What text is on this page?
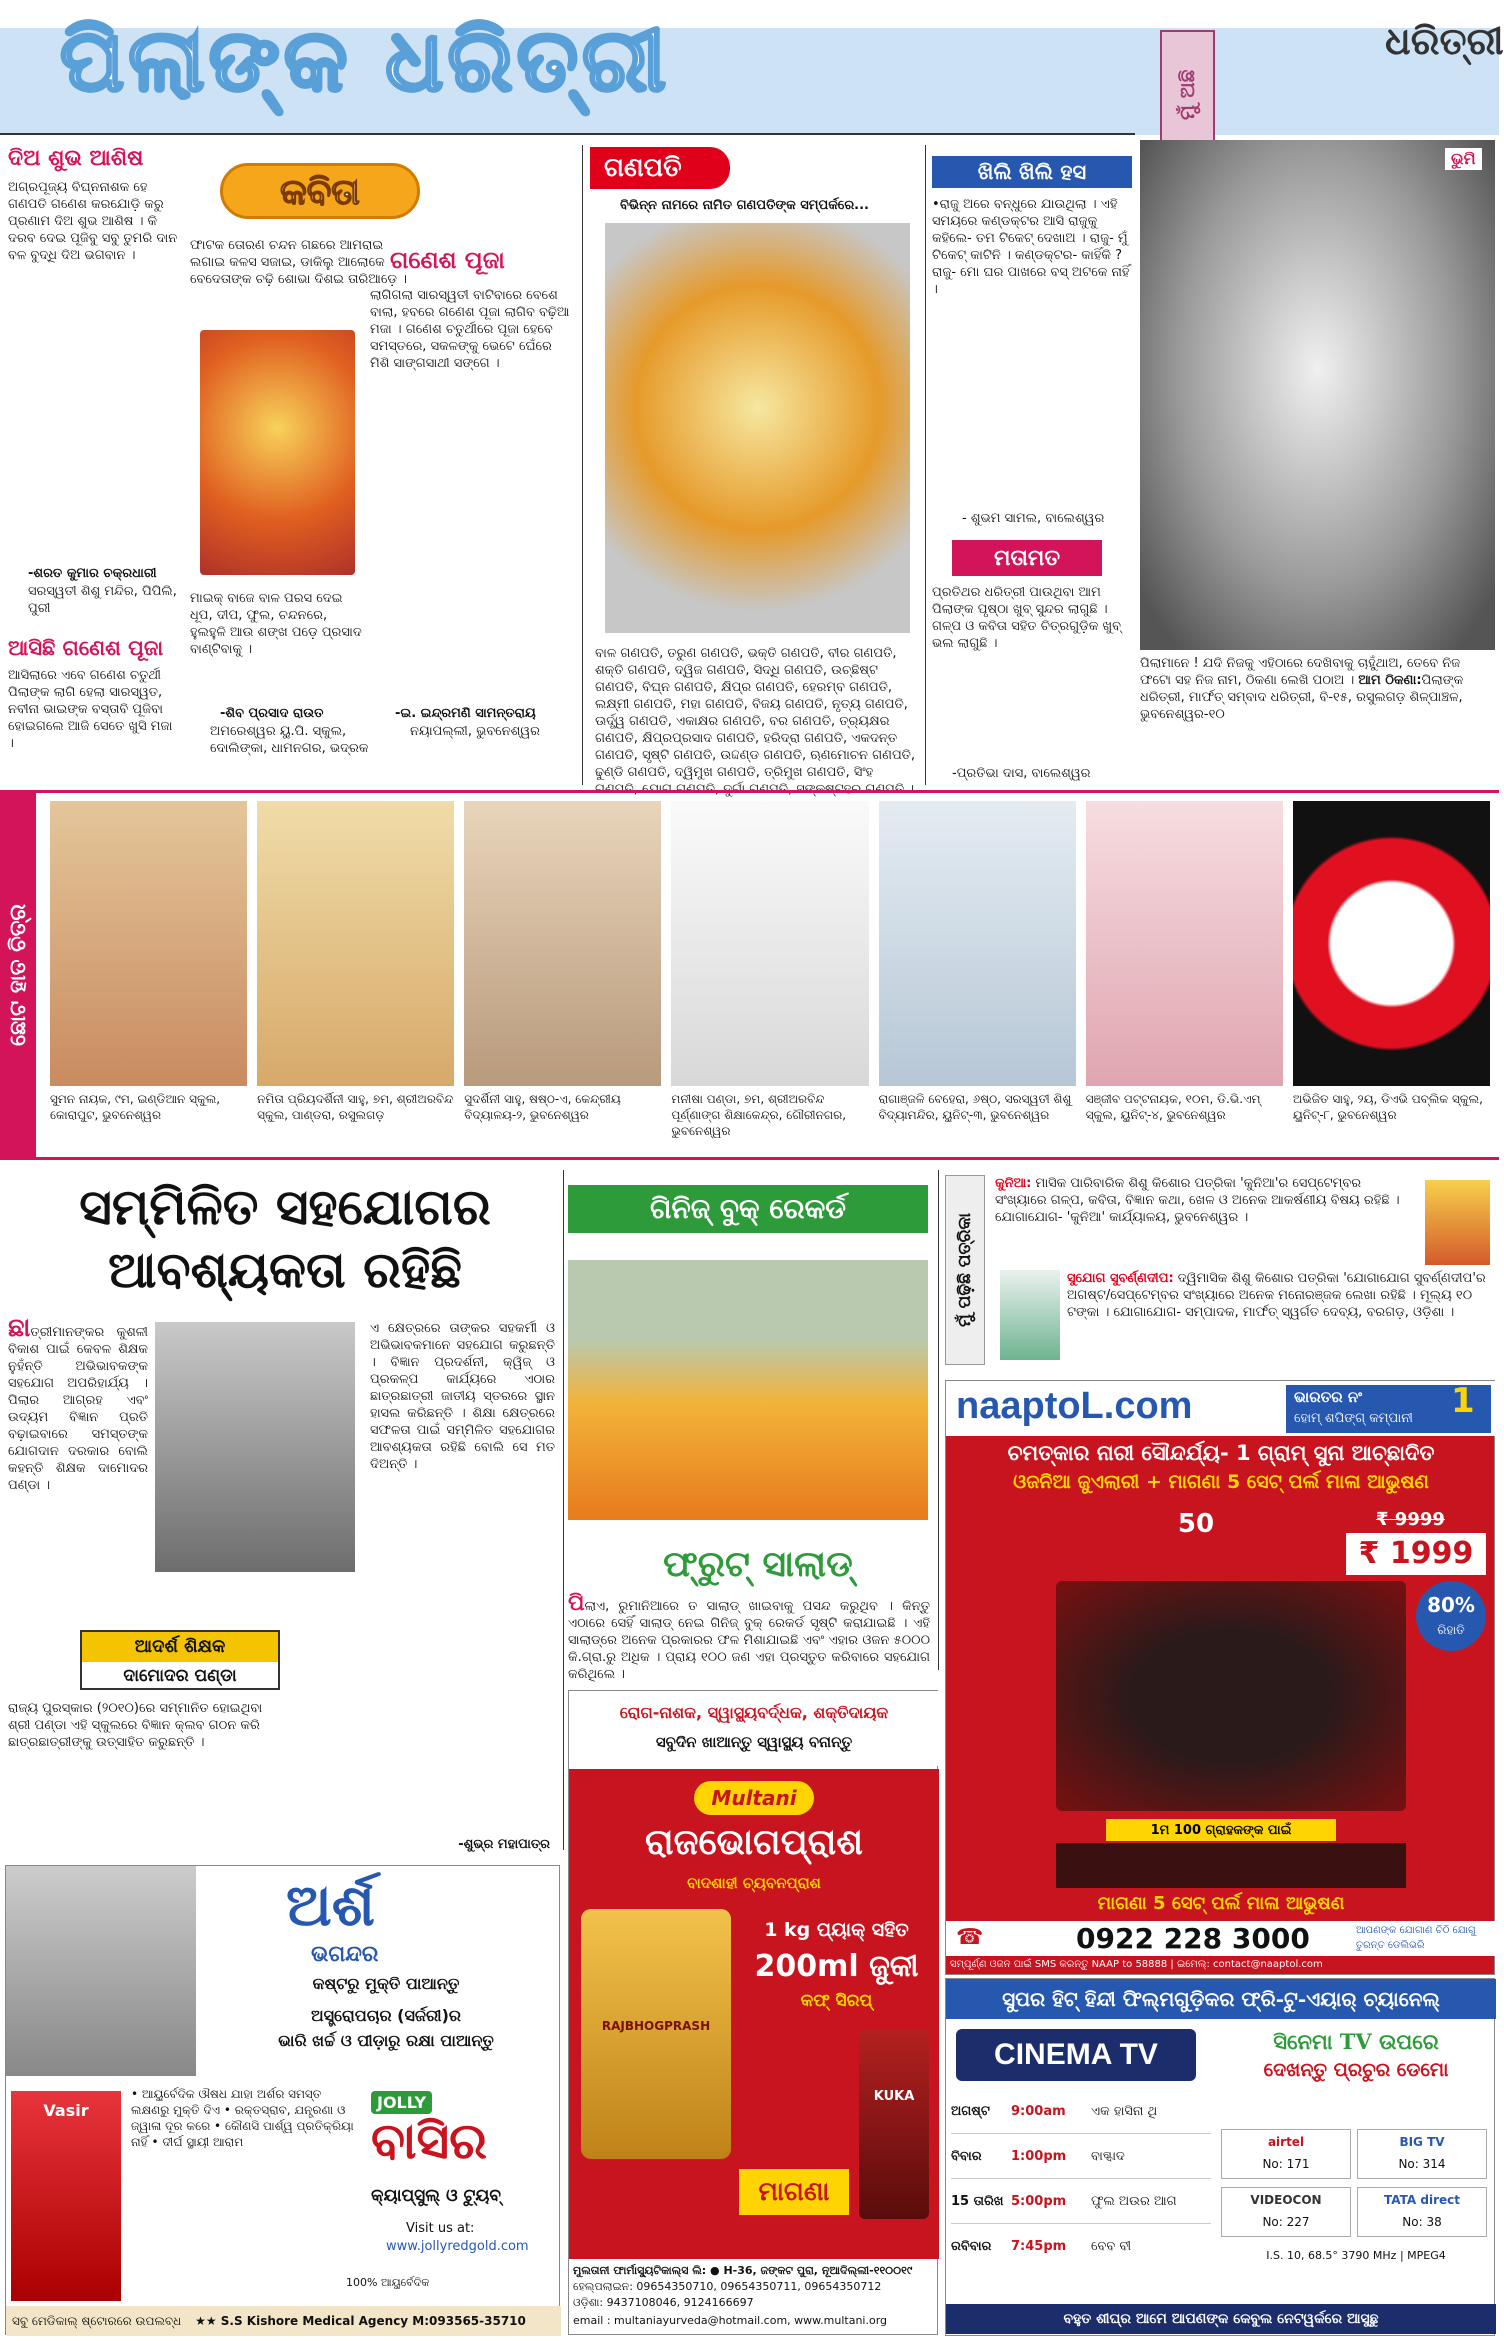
ପିଲାଙ୍କ ଧରିତ୍ରୀ	ଧରିତ୍ରୀ
ଦିଅ ଶୁଭ ଆଶିଷ
ଅଗ୍ରପୂଜ୍ୟ ବିଘ୍ନନାଶକ ହେ ଗଣପତି ଗଣେଶ କରଯୋଡ଼ି କରୁ ପ୍ରଣାମ ଦିଅ ଶୁଭ ଆଶିଷ । କି ଦରବ ଦେଇ ପୂଜିବୁ ସବୁ ତୁମରି ଦାନ ବଳ ବୁଦ୍ଧି ଦିଅ ଭଗବାନ ।
-ଶରତ କୁମାର ଚକ୍ରଧାରୀ
ସରସ୍ୱତୀ ଶିଶୁ ମନ୍ଦିର, ପିପିଲି, ପୁରୀ
ଆସିଛି ଗଣେଶ ପୂଜା
ଆସିଲାରେ ଏବେ ଗଣେଶ ଚତୁର୍ଥୀ ପିଲାଙ୍କ ଲାଗି ହେଲା ସାରସ୍ୱତ, ନବୀନା ଭାଇଙ୍କ ବସ୍ତାବି ପୂଜିବା ହୋଇଗଲେ ଆଜି ସେତେ ଖୁସି ମଜା ।
କବିତା
ଫାଟକ ତୋରଣ ଚନ୍ଦନ ଗଛରେ ଆମରାଇ ଲଗାଇ କଳସ ସଜାଇ, ଡାକିଲୁ ଆଲୋକେ ବେଦେତାଙ୍କ ଚଢ଼ି ଶୋଭା ଦିଶଇ ତାରିଆଡ଼େ ।
ଗଣେଶ ପୂଜା
ଲାଗିଗଲା ସାରସ୍ୱତୀ ବାଟିବାରେ ବେଶେ ବାଲା, ହବରେ ଗଣେଶ ପୂଜା ଲାଗିବ ବଢ଼ିଆ ମଜା । ଗଣେଶ ଚତୁର୍ଥୀରେ ପୂଜା ହେବେ ସମସ୍ତରେ, ସକଳଙ୍କୁ ଭେଟେ ଘେଁରେ ମିଶି ସାଙ୍ଗସାଥୀ ସଙ୍ଗେ ।
ମାଇକ୍ ବାଜେ ବାଳ ପରସ ଦେଇ ଧୂପ, ଦୀପ, ଫୁଲ, ଚନ୍ଦନରେ, ହୁଲହୁଳି ଆଉ ଶଙ୍ଖ ପଡ଼େ ପ୍ରସାଦ ବାଣ୍ଟିବାକୁ ।
-ଶିବ ପ୍ରସାଦ ରାଉତ
ଅମରେଶ୍ୱର ୟୁ.ପି. ସ୍କୁଲ, ଦୋଲିଙ୍କା, ଧାମନଗର, ଭଦ୍ରକ
-ଇ. ଇନ୍ଦ୍ରମଣି ସାମନ୍ତରାୟ
ନୟାପଲ୍ଲୀ, ଭୁବନେଶ୍ୱର
ଗଣପତି
ବିଭିନ୍ନ ନାମରେ ନାମିତ ଗଣପତିଙ୍କ ସମ୍ପର୍କରେ...
ବାଳ ଗଣପତି, ତରୁଣ ଗଣପତି, ଭକ୍ତି ଗଣପତି, ବୀର ଗଣପତି, ଶକ୍ତି ଗଣପତି, ଦ୍ୱିଜ ଗଣପତି, ସିଦ୍ଧି ଗଣପତି, ଉଚ୍ଛିଷ୍ଟ ଗଣପତି, ବିଘ୍ନ ଗଣପତି, କ୍ଷିପ୍ର ଗଣପତି, ହେରମ୍ବ ଗଣପତି, ଲକ୍ଷ୍ମୀ ଗଣପତି, ମହା ଗଣପତି, ବିଜୟ ଗଣପତି, ନୃତ୍ୟ ଗଣପତି, ଊର୍ଦ୍ଧ୍ୱ ଗଣପତି, ଏକାକ୍ଷର ଗଣପତି, ବର ଗଣପତି, ତ୍ର୍ୟକ୍ଷର ଗଣପତି, କ୍ଷିପ୍ରପ୍ରସାଦ ଗଣପତି, ହରିଦ୍ରା ଗଣପତି, ଏକଦନ୍ତ ଗଣପତି, ସୃଷ୍ଟି ଗଣପତି, ଉଦ୍ଦଣ୍ଡ ଗଣପତି, ଋଣମୋଚନ ଗଣପତି, ଢୁଣ୍ଡି ଗଣପତି, ଦ୍ୱିମୁଖ ଗଣପତି, ତ୍ରିମୁଖ ଗଣପତି, ସିଂହ ଗଣପତି, ଯୋଗ ଗଣପତି, ଦୁର୍ଗା ଗଣପତି, ସଙ୍କଷ୍ଟହର ଗଣପତି ।
ଖିଲି ଖିଲି ହସ
•ରାଜୁ ଅରେ ବନ୍ଧୁରେ ଯାଉଥିଲା । ଏହି ସମୟରେ କଣ୍ଡକ୍ଟର ଆସି ରାଜୁକୁ କହିଲେ- ତମ ଟିକେଟ୍ ଦେଖାଅ । ରାଜୁ- ମୁଁ ଟିକେଟ୍ କାଟିନି । କଣ୍ଡକ୍ଟର- କାହିଁକି ? ରାଜୁ- ମୋ ଘର ପାଖରେ ବସ୍ ଅଟକେ ନାହିଁ ।
- ଶୁଭମ ସାମଲ, ବାଲେଶ୍ୱର
ମତାମତ
ପ୍ରତିଥର ଧରିତ୍ରୀ ପାଉଥିବା ଆମ ପିଲାଙ୍କ ପୃଷ୍ଠା ଖୁବ୍ ସୁନ୍ଦର ଲାଗୁଛି । ଗଳ୍ପ ଓ କବିତା ସହିତ ଚିତ୍ରଗୁଡ଼ିକ ଖୁବ୍ ଭଲ ଲାଗୁଛି ।
-ପ୍ରତିଭା ଦାସ, ବାଲେଶ୍ୱର
ମୁଁ ଅଛି
ଭୁମି
ପିଲାମାନେ ! ଯଦି ନିଜକୁ ଏହିଠାରେ ଦେଖିବାକୁ ଚାହୁଁଥାଅ, ତେବେ ନିଜ ଫଟୋ ସହ ନିଜ ନାମ, ଠିକଣା ଲେଖି ପଠାଅ । ଆମ ଠିକଣା:ପିଲାଙ୍କ ଧରିତ୍ରୀ, ମାର୍ଫତ୍ ସମ୍ବାଦ ଧରିତ୍ରୀ, ବି-୧୫, ରସୁଲଗଡ଼ ଶିଳ୍ପାଞ୍ଚଳ, ଭୁବନେଶ୍ୱର-୧୦
ଛୋଟ ହାତ ଚିତ୍ର
ସୁମନ ନାୟକ, ୯ମ, ଇଣ୍ଡିଆନ ସ୍କୁଲ, କୋରାପୁଟ, ଭୁବନେଶ୍ୱର
ନମିତା ପ୍ରିୟଦର୍ଶିନୀ ସାହୁ, ୭ମ, ଶ୍ରୀଅରବିନ୍ଦ ସ୍କୁଲ, ପାଣ୍ଡରା, ରସୁଲଗଡ଼
ସୁଦର୍ଶିନୀ ସାହୁ, ଷଷ୍ଠ-ଏ, କେନ୍ଦ୍ରୀୟ ବିଦ୍ୟାଳୟ-୨, ଭୁବନେଶ୍ୱର
ମନୀଷା ପଣ୍ଡା, ୭ମ, ଶ୍ରୀଅରବିନ୍ଦ ପୂର୍ଣ୍ଣାଙ୍ଗ ଶିକ୍ଷାକେନ୍ଦ୍ର, ଗୌରୀନଗର, ଭୁବନେଶ୍ୱର
ରାଗାଞ୍ଜଳି ବେହେରା, ୬ଷ୍ଠ, ସରସ୍ୱତୀ ଶିଶୁ ବିଦ୍ୟାମନ୍ଦିର, ୟୁନିଟ୍-୩, ଭୁବନେଶ୍ୱର
ସଞ୍ଜୀବ ପଟ୍ଟନାୟକ, ୧୦ମ, ଡି.ଭି.ଏମ୍ ସ୍କୁଲ, ୟୁନିଟ୍-୪, ଭୁବନେଶ୍ୱର
ଅଭିଜିତ ସାହୁ, ୨ୟ, ଡିଏଭି ପବ୍ଲିକ ସ୍କୁଲ, ୟୁନିଟ୍-୮, ଭୁବନେଶ୍ୱର
ସମ୍ମିଳିତ ସହଯୋଗର
ଆବଶ୍ୟକତା ରହିଛି
ଛାତ୍ରୀମାନଙ୍କର କୁଶଳୀ ବିକାଶ ପାଇଁ କେବଳ ଶିକ୍ଷକ ନୁହଁନ୍ତି ଅଭିଭାବକଙ୍କ ସହଯୋଗ ଅପରିହାର୍ଯ୍ୟ । ପିଲାର ଆଗ୍ରହ ଏବଂ ଉଦ୍ୟମ ବିଜ୍ଞାନ ପ୍ରତି ବଢ଼ାଇବାରେ ସମସ୍ତଙ୍କ ଯୋଗଦାନ ଦରକାର ବୋଲି କହନ୍ତି ଶିକ୍ଷକ ଦାମୋଦର ପଣ୍ଡା ।
ଆଦର୍ଶ ଶିକ୍ଷକ
ଦାମୋଦର ପଣ୍ଡା
ରାଜ୍ୟ ପୁରସ୍କାର (୨୦୧୦)ରେ ସମ୍ମାନିତ ହୋଇଥିବା ଶ୍ରୀ ପଣ୍ଡା ଏହି ସ୍କୁଲରେ ବିଜ୍ଞାନ କ୍ଲବ ଗଠନ କରି ଛାତ୍ରଛାତ୍ରୀଙ୍କୁ ଉତ୍ସାହିତ କରୁଛନ୍ତି ।
ଏ କ୍ଷେତ୍ରରେ ତାଙ୍କର ସହକର୍ମୀ ଓ ଅଭିଭାବକମାନେ ସହଯୋଗ କରୁଛନ୍ତି । ବିଜ୍ଞାନ ପ୍ରଦର୍ଶନୀ, କ୍ୱିଜ୍ ଓ ପ୍ରକଳ୍ପ କାର୍ଯ୍ୟରେ ଏଠାର ଛାତ୍ରଛାତ୍ରୀ ଜାତୀୟ ସ୍ତରରେ ସ୍ଥାନ ହାସଲ କରିଛନ୍ତି । ଶିକ୍ଷା କ୍ଷେତ୍ରରେ ସଫଳତା ପାଇଁ ସମ୍ମିଳିତ ସହଯୋଗର ଆବଶ୍ୟକତା ରହିଛି ବୋଲି ସେ ମତ ଦିଅନ୍ତି ।
-ଶୁଭ୍ର ମହାପାତ୍ର
ଗିନିଜ୍ ବୁକ୍ ରେକର୍ଡ
ଫ୍ରୁଟ୍ ସାଲାଡ୍
ପିଲାଏ, ରୁମାନିଆରେ ତ ସାଲାଡ୍ ଖାଇବାକୁ ପସନ୍ଦ କରୁଥିବ । କିନ୍ତୁ ଏଠାରେ ସେହିଁ ସାଲାଡ୍ ନେଇ ଗିନିଜ୍ ବୁକ୍ ରେକର୍ଡ ସୃଷ୍ଟି କରାଯାଇଛି । ଏହି ସାଲାଡ୍ରେ ଅନେକ ପ୍ରକାରର ଫଳ ମିଶାଯାଇଛି ଏବଂ ଏହାର ଓଜନ ୫୦୦୦ କି.ଗ୍ରା.ରୁ ଅଧିକ । ପ୍ରାୟ ୧୦୦ ଜଣ ଏହା ପ୍ରସ୍ତୁତ କରିବାରେ ସହଯୋଗ କରିଥିଲେ ।
ମୁଁ ପଢ଼ିଛି ପତ୍ରିକା
କୁନିଆ: ମାସିକ ପାରିବାରିକ ଶିଶୁ କିଶୋର ପତ୍ରିକା 'କୁନିଆ'ର ସେପ୍ଟେମ୍ବର ସଂଖ୍ୟାରେ ଗଳ୍ପ, କବିତା, ବିଜ୍ଞାନ କଥା, ଖେଳ ଓ ଅନେକ ଆକର୍ଷଣୀୟ ବିଷୟ ରହିଛି । ଯୋଗାଯୋଗ- 'କୁନିଆ' କାର୍ଯ୍ୟାଳୟ, ଭୁବନେଶ୍ୱର ।
ସୁଯୋଗ ସୁବର୍ଣ୍ଣଦୀପ: ଦ୍ୱିମାସିକ ଶିଶୁ କିଶୋର ପତ୍ରିକା 'ଯୋଗାଯୋଗ ସୁବର୍ଣ୍ଣଦୀପ'ର ଅଗଷ୍ଟ/ସେପ୍ଟେମ୍ବର ସଂଖ୍ୟାରେ ଅନେକ ମନୋରଞ୍ଜକ ଲେଖା ରହିଛି । ମୂଲ୍ୟ ୧୦ ଟଙ୍କା । ଯୋଗାଯୋଗ- ସମ୍ପାଦକ, ମାର୍ଫତ୍ ସ୍ୱର୍ଗତ ଦେବ୍ୟ, ବରଗଡ଼, ଓଡ଼ିଶା ।
naaptoL.com	ଭାରତର ନଂ	1
ହୋମ୍ ଶପିଙ୍ଗ୍ କମ୍ପାନୀ
ଚମତ୍କାର ନାରୀ ସୌନ୍ଦର୍ଯ୍ୟ- 1 ଗ୍ରାମ୍ ସୁନା ଆଚ୍ଛାଦିତ
ଓଜନିଆ ଜୁଏଲାରୀ + ମାଗଣା 5 ସେଟ୍ ପର୍ଲ ମାଳା ଆଭୁଷଣ
50	₹ 9999
₹ 1999
80%
ରିହାତି
1ମ 100 ଗ୍ରାହକଙ୍କ ପାଇଁ
ମାଗଣା 5 ସେଟ୍ ପର୍ଲ ମାଳା ଆଭୁଷଣ
☎	0922 228 3000	ଆପଣଙ୍କ ଯୋଗାଣ ଚିଠି ଯୋଗୁ ତୁରନ୍ତ ଡେଲିଭରି
ସମ୍ପୂର୍ଣ୍ଣ ଓଜନ ପାଇଁ SMS କରନ୍ତୁ NAAP to 58888 | ଇମେଲ୍: contact@naaptol.com
ସୁପର ହିଟ୍ ହିନ୍ଦୀ ଫିଲ୍ମଗୁଡ଼ିକର ଫ୍ରି-ଟୁ-ଏୟାର୍ ଚ୍ୟାନେଲ୍
CINEMA TV	ସିନେମା TV ଉପରେ
ଦେଖନ୍ତୁ ପ୍ରଚୁର ଡେମୋ
ଅଗଷ୍ଟ	9:00am	ଏକ ହାସିନା ଥି
ବିବାର	1:00pm	ବାଗ୍ଦାଦ
15 ତାରିଖ 5:00pm	ଫୁଲ ଅଉର ଆଗ
ରବିବାର	7:45pm	ବେବ ବୀ
airtel
No: 171
BIG TV
No: 314
VIDEOCON
No: 227
TATA direct
No: 38
I.S. 10, 68.5° 3790 MHz | MPEG4
ବହୁତ ଶୀଘ୍ର ଆମେ ଆପଣଙ୍କ କେବୁଲ ନେଟୱର୍କରେ ଆସୁଛୁ
ଅର୍ଶ
ଭଗନ୍ଦର
କଷ୍ଟରୁ ମୁକ୍ତି ପାଆନ୍ତୁ
ଅସ୍ତ୍ରୋପଚାର (ସର୍ଜରୀ)ର
ଭାରି ଖର୍ଚ୍ଚ ଓ ପୀଡ଼ାରୁ ରକ୍ଷା ପାଆନ୍ତୁ
Vasir
• ଆୟୁର୍ବେଦିକ ଔଷଧ ଯାହା ଅର୍ଶର ସମସ୍ତ ଲକ୍ଷଣରୁ ମୁକ୍ତି ଦିଏ • ରକ୍ତସ୍ରାବ, ଯନ୍ତ୍ରଣା ଓ ଜ୍ୱାଳା ଦୂର କରେ • କୌଣସି ପାର୍ଶ୍ୱ ପ୍ରତିକ୍ରିୟା ନାହିଁ • ଦୀର୍ଘ ସ୍ଥାୟୀ ଆରାମ
JOLLY
ବାସିର
କ୍ୟାପ୍ସୁଲ୍ ଓ ଟ୍ୟୁବ୍
Visit us at:
www.jollyredgold.com
100% ଆୟୁର୍ବେଦିକ
ସବୁ ମେଡିକାଲ୍ ଷ୍ଟୋରରେ ଉପଲବ୍ଧ ★★ S.S Kishore Medical Agency M:093565-35710
ରୋଗ-ନାଶକ, ସ୍ୱାସ୍ଥ୍ୟବର୍ଦ୍ଧକ, ଶକ୍ତିଦାୟକ
ସବୁଦିନ ଖାଆନ୍ତୁ ସ୍ୱାସ୍ଥ୍ୟ ବନାନ୍ତୁ
Multani
ରାଜଭୋଗପ୍ରାଶ
ବାଦଶାହୀ ଚ୍ୟବନପ୍ରାଶ
RAJBHOGPRASH
1 kg ପ୍ୟାକ୍ ସହିତ
200ml ଜୁକୀ
କଫ୍ ସିରପ୍
KUKA
ମାଗଣା
ମୁଲତାନୀ ଫାର୍ମାସ୍ୟୁଟିକାଲ୍ସ ଲି: ● H-36, ଜଙ୍କଟ ପୁରା, ନୂଆଦିଲ୍ଲୀ-୧୧୦୦୧୯
ହେଲ୍ପଲାଇନ: 09654350710, 09654350711, 09654350712
ଓଡ଼ିଶା: 9437108046, 9124166697
email : multaniayurveda@hotmail.com, www.multani.org
